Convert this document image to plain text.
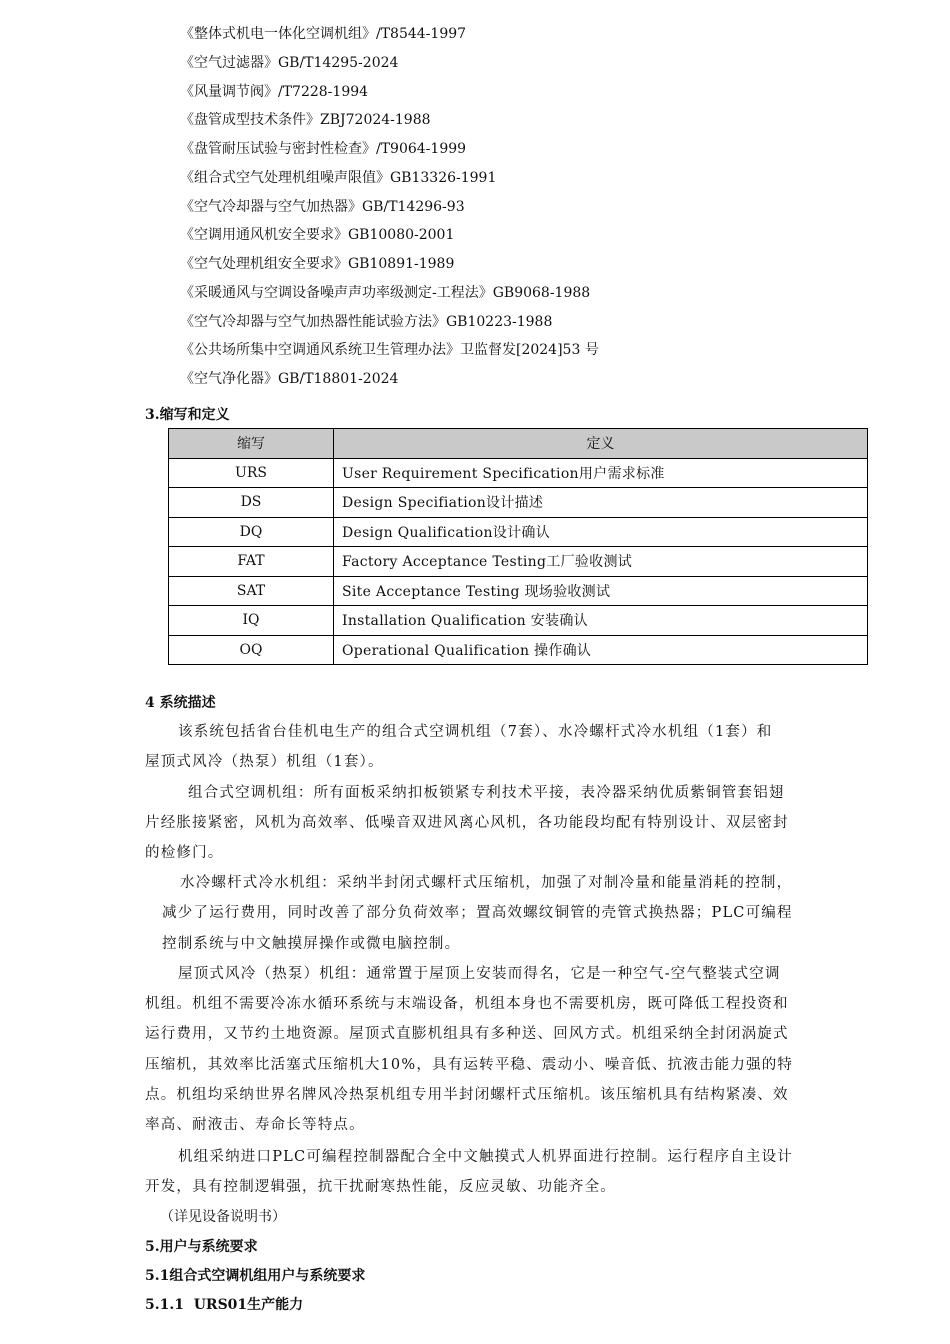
《整体式机电一体化空调机组》/T8544-1997
《空气过滤器》GB/T14295-2024
《风量调节阀》/T7228-1994
《盘管成型技术条件》ZBJ72024-1988
《盘管耐压试验与密封性检查》/T9064-1999
《组合式空气处理机组噪声限值》GB13326-1991
《空气冷却器与空气加热器》GB/T14296-93
《空调用通风机安全要求》GB10080-2001
《空气处理机组安全要求》GB10891-1989
《采暖通风与空调设备噪声声功率级测定-工程法》GB9068-1988
《空气冷却器与空气加热器性能试验方法》GB10223-1988
《公共场所集中空调通风系统卫生管理办法》卫监督发[2024]53 号
《空气净化器》GB/T18801-2024
3.缩写和定义
缩写	定义
URS	User Requirement Specification用户需求标准
DS	Design Specifiation设计描述
DQ	Design Qualification设计确认
FAT	Factory Acceptance Testing工厂验收测试
SAT	Site Acceptance Testing 现场验收测试
IQ	Installation Qualification 安装确认
OQ	Operational Qualification 操作确认
4 系统描述
该系统包括省台佳机电生产的组合式空调机组（7套）、水冷螺杆式冷水机组（1套）和
屋顶式风冷（热泵）机组（1套）。
组合式空调机组：所有面板采纳扣板锁紧专利技术平接，表冷器采纳优质紫铜管套铝翅
片经胀接紧密，风机为高效率、低噪音双进风离心风机，各功能段均配有特别设计、双层密封
的检修门。
水冷螺杆式冷水机组：采纳半封闭式螺杆式压缩机，加强了对制冷量和能量消耗的控制，
减少了运行费用，同时改善了部分负荷效率；置高效螺纹铜管的壳管式换热器；PLC可编程
控制系统与中文触摸屏操作或微电脑控制。
屋顶式风冷（热泵）机组：通常置于屋顶上安装而得名，它是一种空气-空气整装式空调
机组。机组不需要冷冻水循环系统与末端设备，机组本身也不需要机房，既可降低工程投资和
运行费用，又节约土地资源。屋顶式直膨机组具有多种送、回风方式。机组采纳全封闭涡旋式
压缩机，其效率比活塞式压缩机大10%，具有运转平稳、震动小、噪音低、抗液击能力强的特
点。机组均采纳世界名牌风冷热泵机组专用半封闭螺杆式压缩机。该压缩机具有结构紧凑、效
率高、耐液击、寿命长等特点。
机组采纳进口PLC可编程控制器配合全中文触摸式人机界面进行控制。运行程序自主设计
开发，具有控制逻辑强，抗干扰耐寒热性能，反应灵敏、功能齐全。
（详见设备说明书）
5.用户与系统要求
5.1组合式空调机组用户与系统要求
5.1.1  URS01生产能力
